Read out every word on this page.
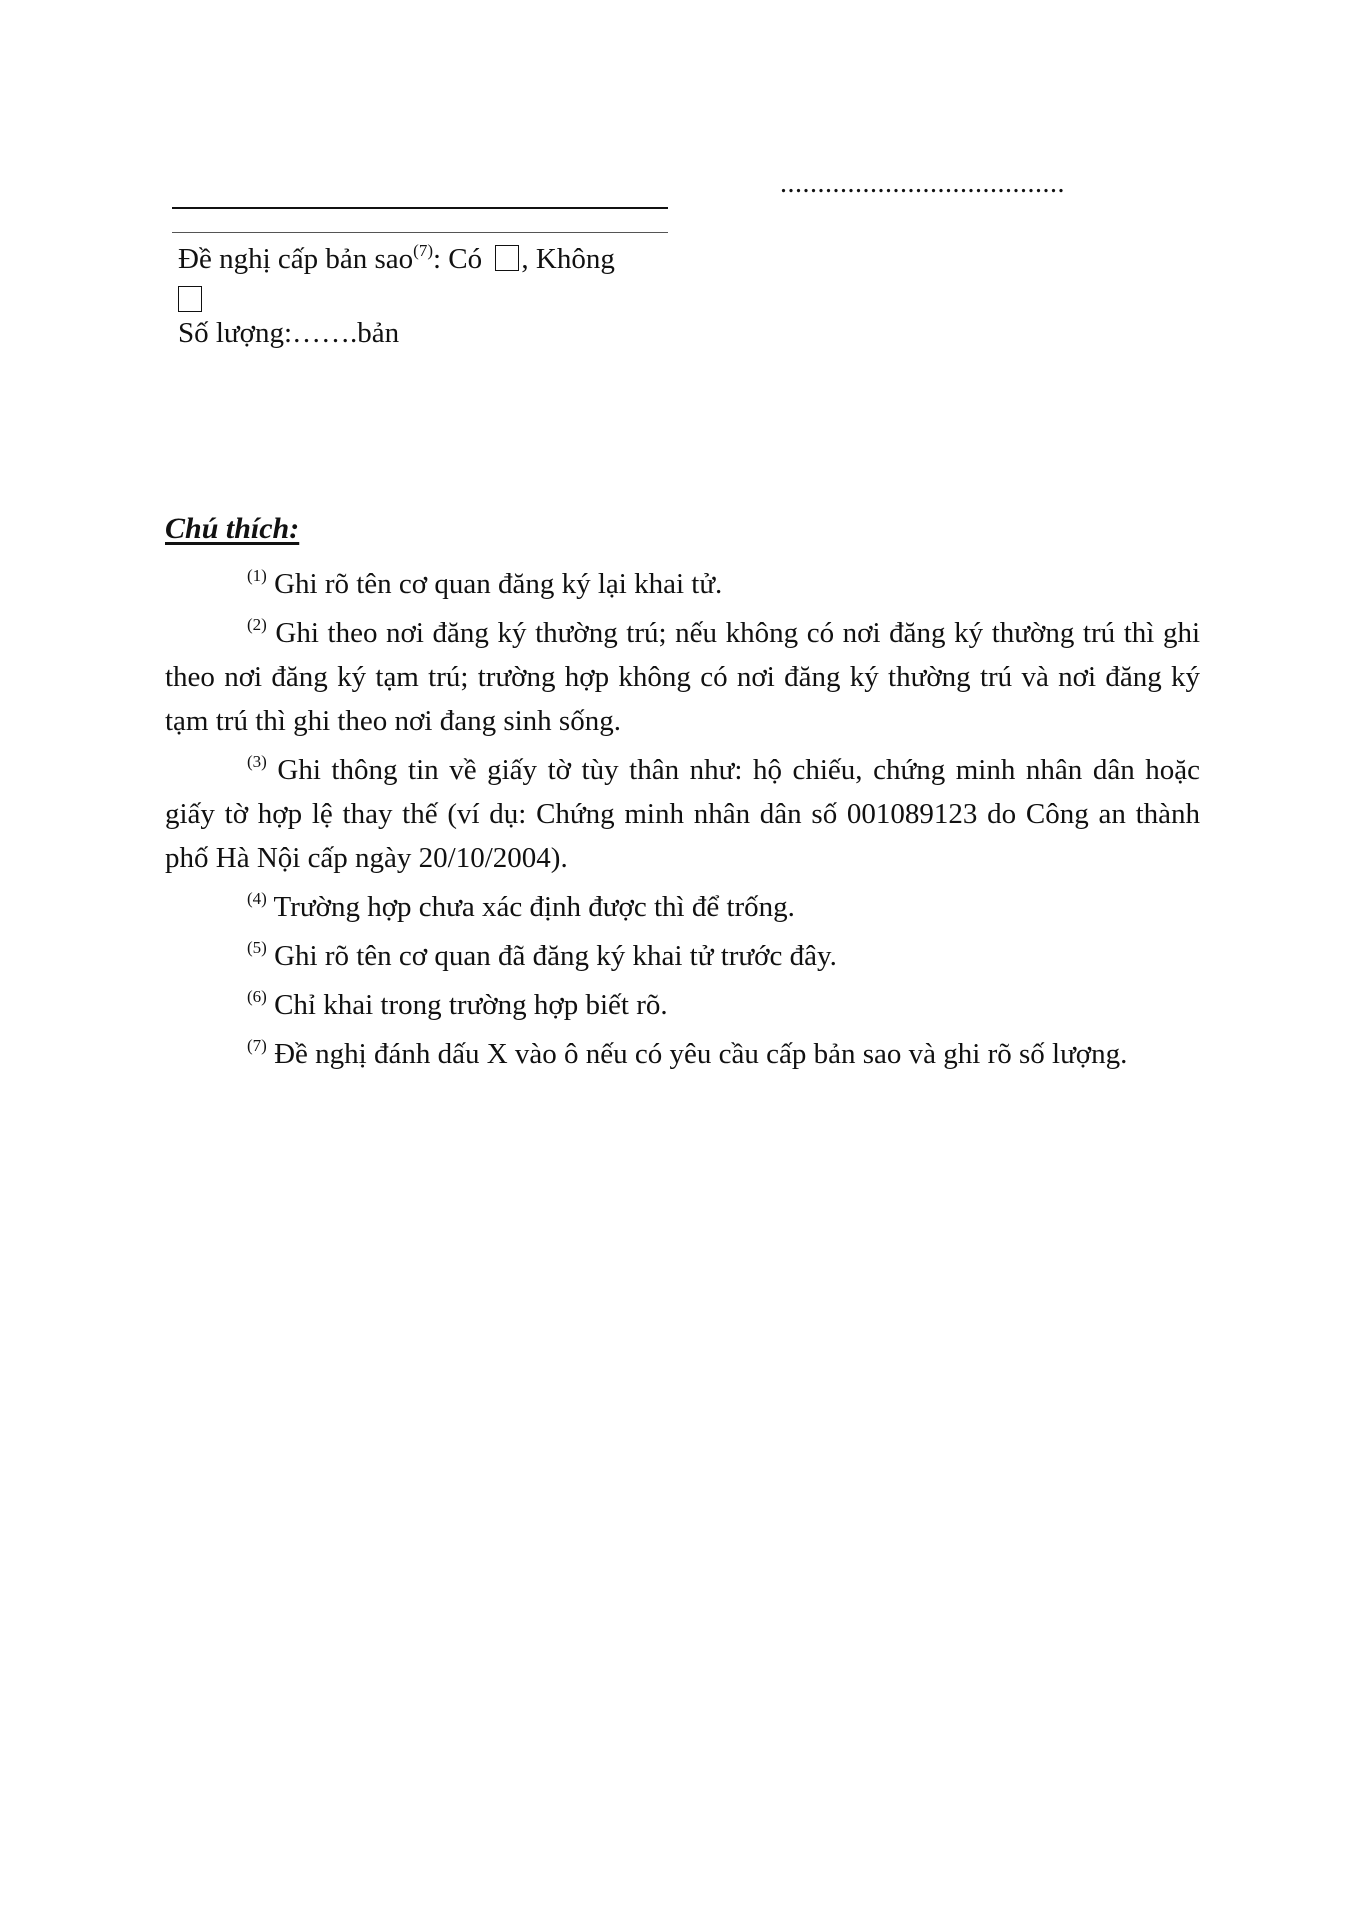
......................................
Đề nghị cấp bản sao$^{(7)}$: Có , Không

Số lượng:…….bản
Chú thích:

$^{(1)}$ Ghi rõ tên cơ quan đăng ký lại khai tử.

$^{(2)}$ Ghi theo nơi đăng ký thường trú; nếu không có nơi đăng ký thường trú thì ghi theo nơi đăng ký tạm trú; trường hợp không có nơi đăng ký thường trú và nơi đăng ký tạm trú thì ghi theo nơi đang sinh sống.

$^{(3)}$ Ghi thông tin về giấy tờ tùy thân như: hộ chiếu, chứng minh nhân dân hoặc giấy tờ hợp lệ thay thế (ví dụ: Chứng minh nhân dân số 001089123 do Công an thành phố Hà Nội cấp ngày 20/10/2004).

$^{(4)}$ Trường hợp chưa xác định được thì để trống.

$^{(5)}$ Ghi rõ tên cơ quan đã đăng ký khai tử trước đây.

$^{(6)}$ Chỉ khai trong trường hợp biết rõ.

$^{(7)}$ Đề nghị đánh dấu X vào ô nếu có yêu cầu cấp bản sao và ghi rõ số lượng.
